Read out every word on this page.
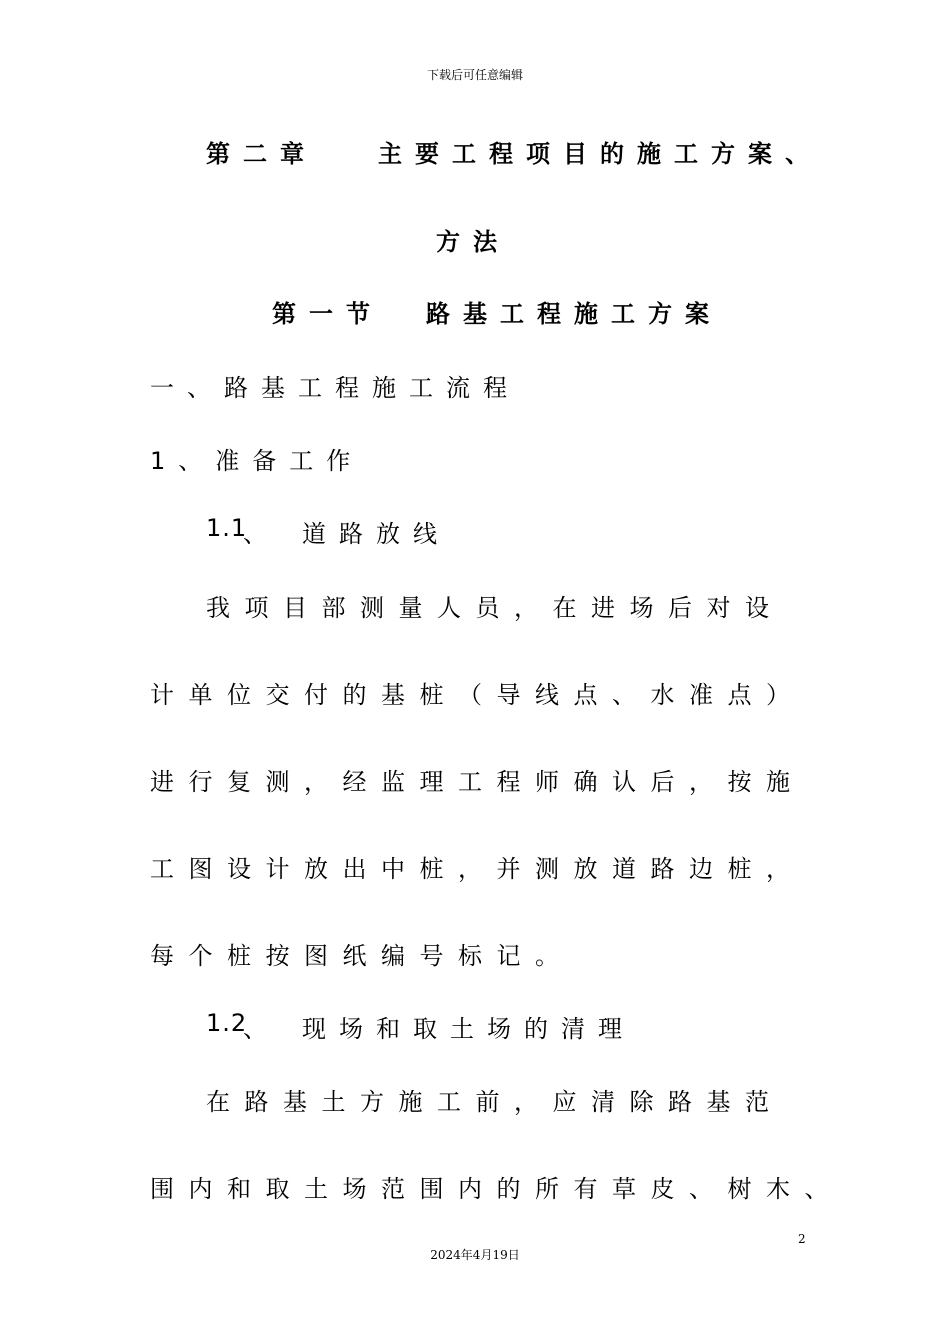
下载后可任意编辑
第二章	主要工程项目的施工方案、
方法
第一节 路基工程施工方案
一、路基工程施工流程
1、准备工作
1.1
、 道路放线
我项目部测量人员，在进场后对设
计单位交付的基桩（导线点、水准点）
进行复测，经监理工程师确认后，按施
工图设计放出中桩，并测放道路边桩，
每个桩按图纸编号标记。
1.2
、 现场和取土场的清理
在路基土方施工前，应清除路基范
围内和取土场范围内的所有草皮、树木、
2
2024年4月19日
